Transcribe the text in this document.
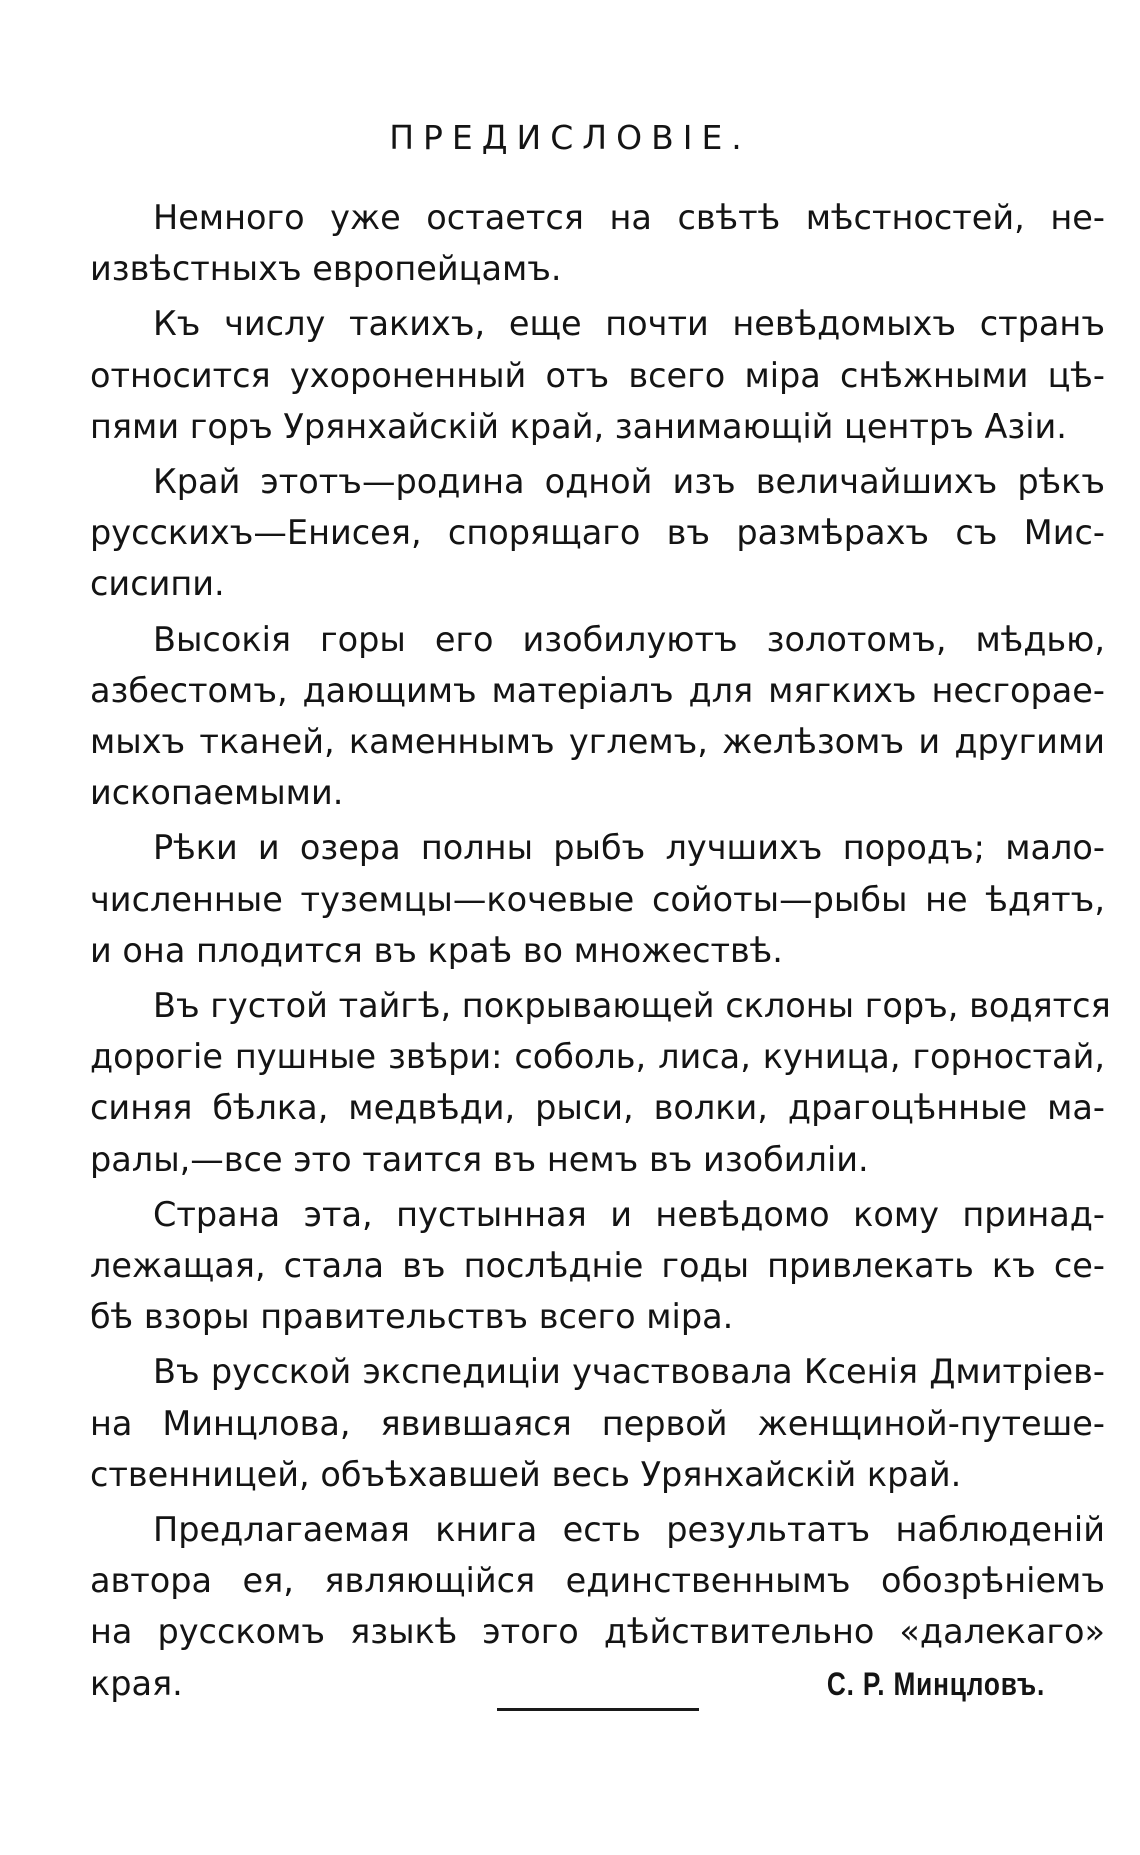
ПРЕДИСЛОВІЕ.
Немного уже остается на свѣтѣ мѣстностей, не-
извѣстныхъ европейцамъ.
Къ числу такихъ, еще почти невѣдомыхъ странъ
относится ухороненный отъ всего міра снѣжными цѣ-
пями горъ Урянхайскій край, занимающій центръ Азіи.
Край этотъ—родина одной изъ величайшихъ рѣкъ
русскихъ—Енисея, спорящаго въ размѣрахъ съ Мис-
сисипи.
Высокія горы его изобилуютъ золотомъ, мѣдью,
азбестомъ, дающимъ матеріалъ для мягкихъ несгорае-
мыхъ тканей, каменнымъ углемъ, желѣзомъ и другими
ископаемыми.
Рѣки и озера полны рыбъ лучшихъ породъ; мало-
численные туземцы—кочевые сойоты—рыбы не ѣдятъ,
и она плодится въ краѣ во множествѣ.
Въ густой тайгѣ, покрывающей склоны горъ, водятся
дорогіе пушные звѣри: соболь, лиса, куница, горностай,
синяя бѣлка, медвѣди, рыси, волки, драгоцѣнные ма-
ралы,—все это таится въ немъ въ изобиліи.
Страна эта, пустынная и невѣдомо кому принад-
лежащая, стала въ послѣдніе годы привлекать къ се-
бѣ взоры правительствъ всего міра.
Въ русской экспедиціи участвовала Ксенія Дмитріев-
на Минцлова, явившаяся первой женщиной-путеше-
ственницей, объѣхавшей весь Урянхайскій край.
Предлагаемая книга есть результатъ наблюденій
автора ея, являющійся единственнымъ обозрѣніемъ
на русскомъ языкѣ этого дѣйствительно «далекаго»
края.	С. Р. Минцловъ.
